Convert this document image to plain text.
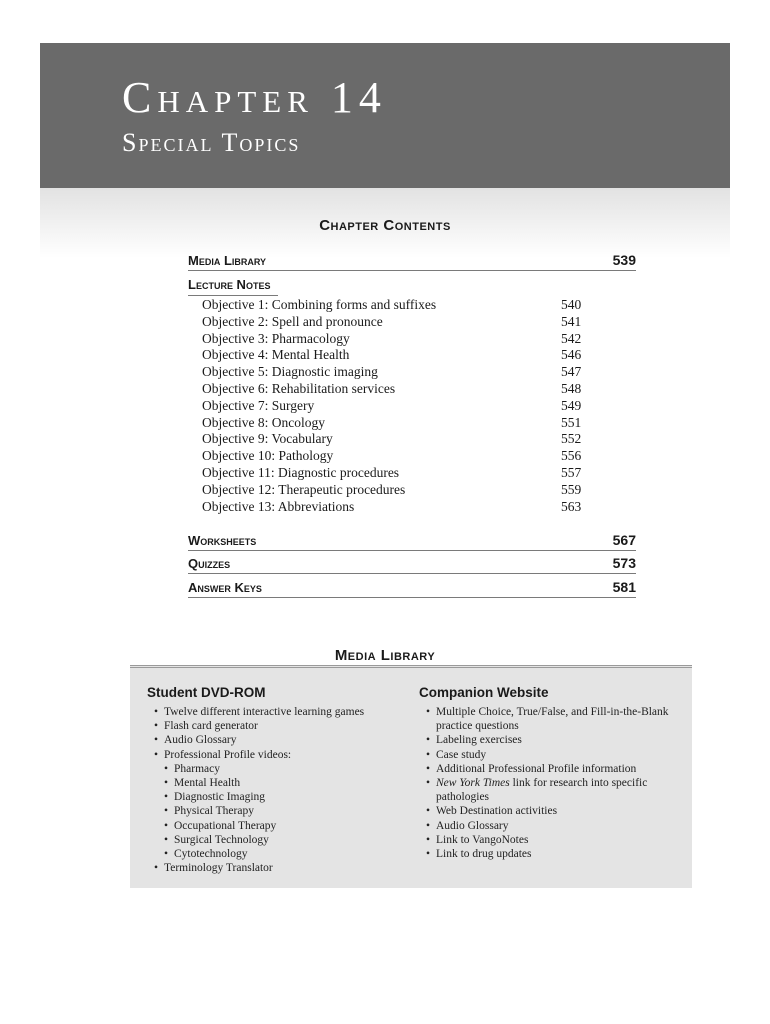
Chapter 14
Special Topics
Chapter Contents
Media Library	539
Lecture Notes
Objective 1: Combining forms and suffixes	540
Objective 2: Spell and pronounce	541
Objective 3: Pharmacology	542
Objective 4: Mental Health	546
Objective 5: Diagnostic imaging	547
Objective 6: Rehabilitation services	548
Objective 7: Surgery	549
Objective 8: Oncology	551
Objective 9: Vocabulary	552
Objective 10: Pathology	556
Objective 11: Diagnostic procedures	557
Objective 12: Therapeutic procedures	559
Objective 13: Abbreviations	563
Worksheets	567
Quizzes	573
Answer Keys	581
Media Library
Student DVD-ROM
• Twelve different interactive learning games
• Flash card generator
• Audio Glossary
• Professional Profile videos:
• Pharmacy
• Mental Health
• Diagnostic Imaging
• Physical Therapy
• Occupational Therapy
• Surgical Technology
• Cytotechnology
• Terminology Translator
Companion Website
• Multiple Choice, True/False, and Fill-in-the-Blank
practice questions
• Labeling exercises
• Case study
• Additional Professional Profile information
• New York Times link for research into specific
pathologies
• Web Destination activities
• Audio Glossary
• Link to VangoNotes
• Link to drug updates
